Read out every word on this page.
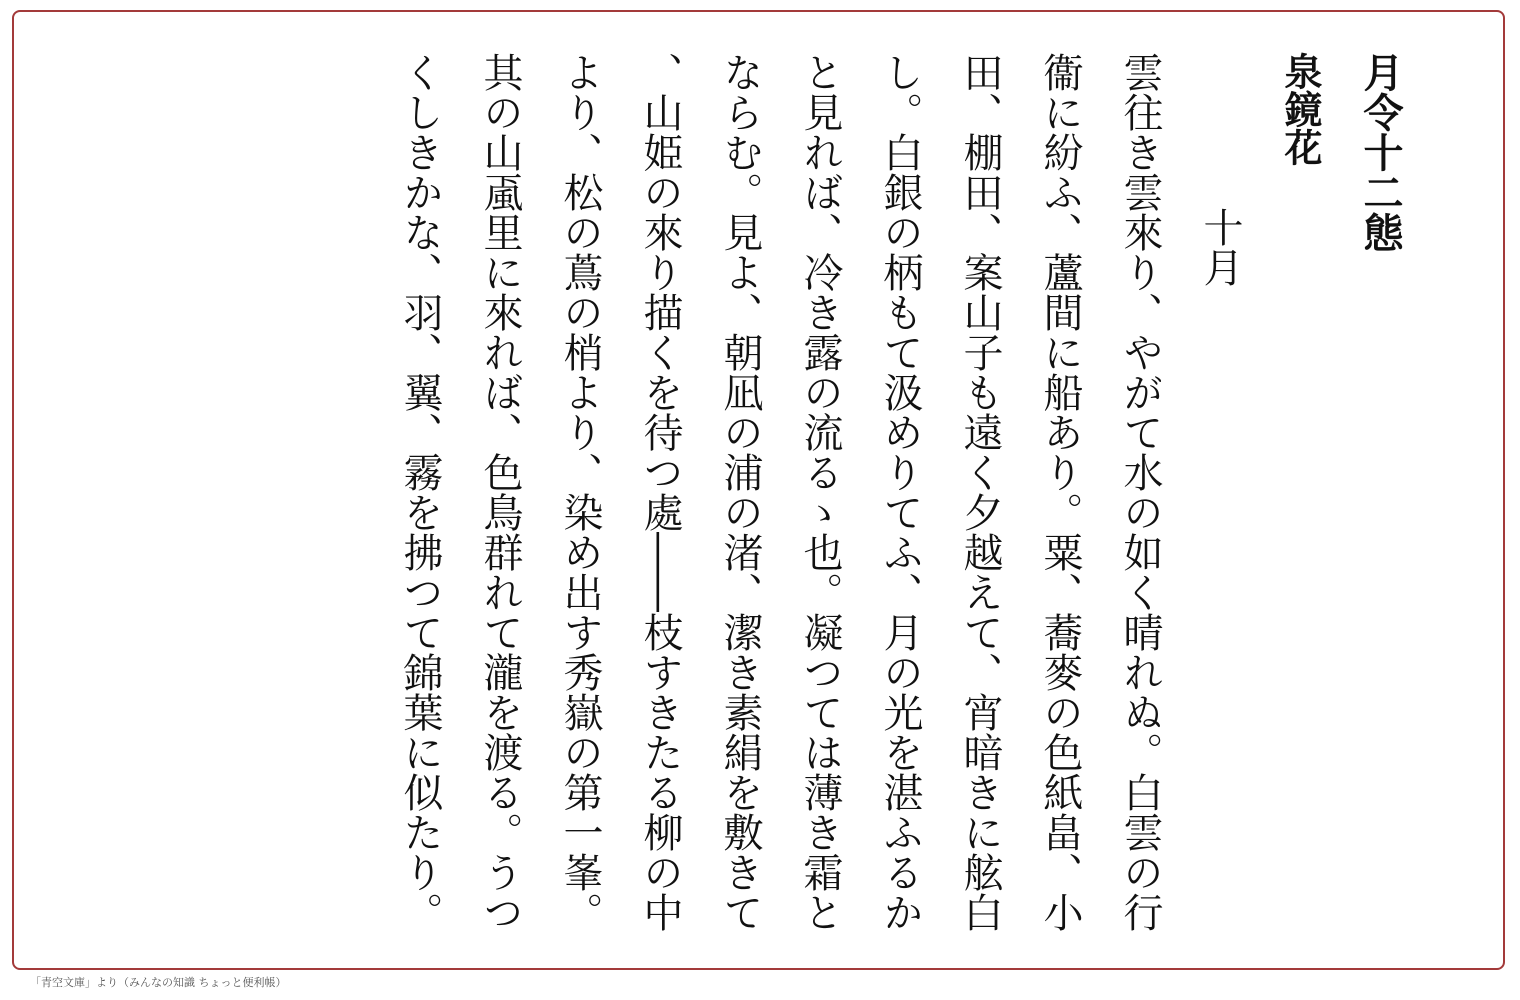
月令十二態
泉鏡花
十月

雲往き雲來り、やがて水の如く晴れぬ。白雲の行衞に紛ふ、蘆間に船あり。粟、蕎麥の色紙畠、小田、棚田、案山子も遠く夕越えて、宵暗きに舷白し。白銀の柄もて汲めりてふ、月の光を湛ふるかと見れば、冷き露の流るゝ也。凝つては薄き霜とならむ。見よ、朝凪の浦の渚、潔き素絹を敷きて、山姫の來り描くを待つ處――枝すきたる柳の中より、松の蔦の梢より、染め出す秀嶽の第一峯。其の山颪里に來れば、色鳥群れて瀧を渡る。うつくしきかな、羽、翼、霧を拂つて錦葉に似たり。

「青空文庫」より（みんなの知識 ちょっと便利帳）
